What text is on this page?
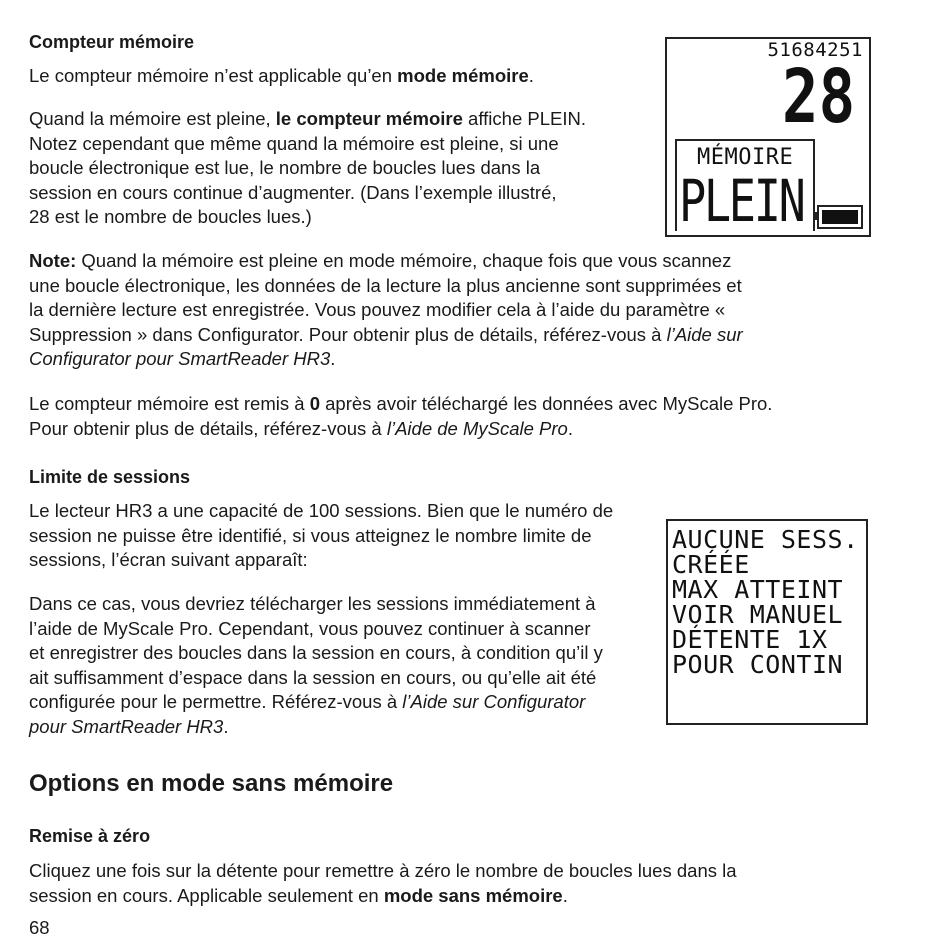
Compteur mémoire
Le compteur mémoire n’est applicable qu’en mode mémoire.
Quand la mémoire est pleine, le compteur mémoire affiche PLEIN.
Notez cependant que même quand la mémoire est pleine, si une
boucle électronique est lue, le nombre de boucles lues dans la
session en cours continue d’augmenter. (Dans l’exemple illustré,
28 est le nombre de boucles lues.)
Note: Quand la mémoire est pleine en mode mémoire, chaque fois que vous scannez
une boucle électronique, les données de la lecture la plus ancienne sont supprimées et
la dernière lecture est enregistrée. Vous pouvez modifier cela à l’aide du paramètre «
Suppression » dans Configurator. Pour obtenir plus de détails, référez-vous à l’Aide sur
Configurator pour SmartReader HR3.
Le compteur mémoire est remis à 0 après avoir téléchargé les données avec MyScale Pro.
Pour obtenir plus de détails, référez-vous à l’Aide de MyScale Pro.
51684251
28
MÉMOIRE
PLEIN
Limite de sessions
Le lecteur HR3 a une capacité de 100 sessions. Bien que le numéro de
session ne puisse être identifié, si vous atteignez le nombre limite de
sessions, l’écran suivant apparaît:
Dans ce cas, vous devriez télécharger les sessions immédiatement à
l’aide de MyScale Pro. Cependant, vous pouvez continuer à scanner
et enregistrer des boucles dans la session en cours, à condition qu’il y
ait suffisamment d’espace dans la session en cours, ou qu’elle ait été
configurée pour le permettre. Référez-vous à l’Aide sur Configurator
pour SmartReader HR3.
AUCUNE SESS.
CRÉÉE
MAX ATTEINT
VOIR MANUEL
DÉTENTE 1X
POUR CONTIN
Options en mode sans mémoire
Remise à zéro
Cliquez une fois sur la détente pour remettre à zéro le nombre de boucles lues dans la
session en cours. Applicable seulement en mode sans mémoire.
68
